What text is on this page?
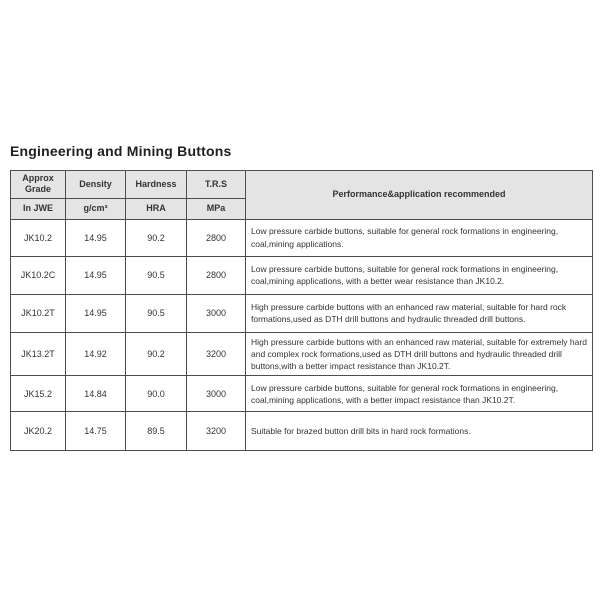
Engineering and Mining Buttons
Approx Grade	Density	Hardness	T.R.S	Performance&application recommended
In JWE	g/cm³	HRA	MPa	
JK10.2	14.95	90.2	2800	Low pressure carbide buttons, suitable for general rock formations in engineering, coal,mining applications.
JK10.2C	14.95	90.5	2800	Low pressure carbide buttons, suitable for general rock formations in engineering, coal,mining applications, with a better wear resistance than JK10.2.
JK10.2T	14.95	90.5	3000	High pressure carbide buttons with an enhanced raw material, suitable for hard rock formations,used as DTH drill buttons and hydraulic threaded drill buttons.
JK13.2T	14.92	90.2	3200	High pressure carbide buttons with an enhanced raw material, suitable for extremely hard and complex rock formations,used as DTH drill buttons and hydraulic threaded drill buttons,with a better impact resistance than JK10.2T.
JK15.2	14.84	90.0	3000	Low pressure carbide buttons, suitable for general rock formations in engineering, coal,mining applications, with a better impact resistance than JK10.2T.
JK20.2	14.75	89.5	3200	Suitable for brazed button drill bits in hard rock formations.
